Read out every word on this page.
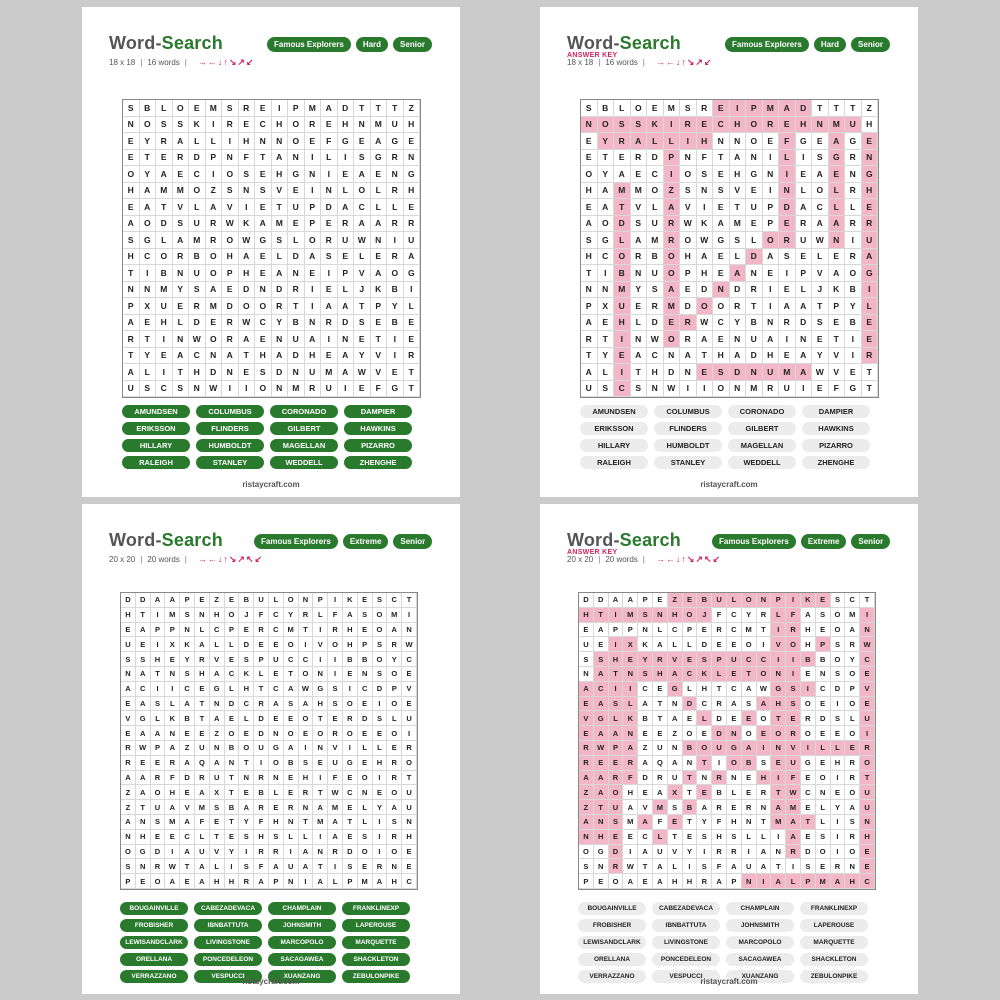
Word-Search	Famous Explorers	Hard	Senior
18 x 18 | 16 words | →←↓↑↘↗↙
S	B	L	O	E	M	S	R	E	I	P	M	A	D	T	T	T	Z
N	O	S	S	K	I	R	E	C	H	O	R	E	H	N	M	U	H
E	Y	R	A	L	L	I	H	N	N	O	E	F	G	E	A	G	E
E	T	E	R	D	P	N	F	T	A	N	I	L	I	S	G	R	N
O	Y	A	E	C	I	O	S	E	H	G	N	I	E	A	E	N	G
H	A	M	M	O	Z	S	N	S	V	E	I	N	L	O	L	R	H
E	A	T	V	L	A	V	I	E	T	U	P	D	A	C	L	L	E
A	O	D	S	U	R	W	K	A	M	E	P	E	R	A	A	R	R
S	G	L	A	M	R	O	W	G	S	L	O	R	U	W	N	I	U
H	C	O	R	B	O	H	A	E	L	D	A	S	E	L	E	R	A
T	I	B	N	U	O	P	H	E	A	N	E	I	P	V	A	O	G
N	N	M	Y	S	A	E	D	N	D	R	I	E	L	J	K	B	I
P	X	U	E	R	M	D	O	O	R	T	I	A	A	T	P	Y	L
A	E	H	L	D	E	R	W	C	Y	B	N	R	D	S	E	B	E
R	T	I	N	W	O	R	A	E	N	U	A	I	N	E	T	I	E
T	Y	E	A	C	N	A	T	H	A	D	H	E	A	Y	V	I	R
A	L	I	T	H	D	N	E	S	D	N	U	M	A	W	V	E	T
U	S	C	S	N	W	I	I	O	N	M	R	U	I	E	F	G	T
AMUNDSEN	COLUMBUS	CORONADO	DAMPIER
ERIKSSON	FLINDERS	GILBERT	HAWKINS
HILLARY	HUMBOLDT	MAGELLAN	PIZARRO
RALEIGH	STANLEY	WEDDELL	ZHENGHE
ristaycraft.com
Word-Search
ANSWER KEY
Famous Explorers	Hard	Senior
18 x 18 | 16 words | →←↓↑↘↗↙
S	B	L	O	E	M	S	R	E	I	P	M	A	D	T	T	T	Z
N	O	S	S	K	I	R	E	C	H	O	R	E	H	N	M	U	H
E	Y	R	A	L	L	I	H	N	N	O	E	F	G	E	A	G	E
E	T	E	R	D	P	N	F	T	A	N	I	L	I	S	G	R	N
O	Y	A	E	C	I	O	S	E	H	G	N	I	E	A	E	N	G
H	A	M	M	O	Z	S	N	S	V	E	I	N	L	O	L	R	H
E	A	T	V	L	A	V	I	E	T	U	P	D	A	C	L	L	E
A	O	D	S	U	R	W	K	A	M	E	P	E	R	A	A	R	R
S	G	L	A	M	R	O	W	G	S	L	O	R	U	W	N	I	U
H	C	O	R	B	O	H	A	E	L	D	A	S	E	L	E	R	A
T	I	B	N	U	O	P	H	E	A	N	E	I	P	V	A	O	G
N	N	M	Y	S	A	E	D	N	D	R	I	E	L	J	K	B	I
P	X	U	E	R	M	D	O	O	R	T	I	A	A	T	P	Y	L
A	E	H	L	D	E	R	W	C	Y	B	N	R	D	S	E	B	E
R	T	I	N	W	O	R	A	E	N	U	A	I	N	E	T	I	E
T	Y	E	A	C	N	A	T	H	A	D	H	E	A	Y	V	I	R
A	L	I	T	H	D	N	E	S	D	N	U	M	A	W	V	E	T
U	S	C	S	N	W	I	I	O	N	M	R	U	I	E	F	G	T
AMUNDSEN	COLUMBUS	CORONADO	DAMPIER
ERIKSSON	FLINDERS	GILBERT	HAWKINS
HILLARY	HUMBOLDT	MAGELLAN	PIZARRO
RALEIGH	STANLEY	WEDDELL	ZHENGHE
ristaycraft.com
Word-Search	Famous Explorers	Extreme	Senior
20 x 20 | 20 words | →←↓↑↘↗↖↙
D	D	A	A	P	E	Z	E	B	U	L	O	N	P	I	K	E	S	C	T
H	T	I	M	S	N	H	O	J	F	C	Y	R	L	F	A	S	O	M	I
E	A	P	P	N	L	C	P	E	R	C	M	T	I	R	H	E	O	A	N
U	E	I	X	K	A	L	L	D	E	E	O	I	V	O	H	P	S	R	W
S	S	H	E	Y	R	V	E	S	P	U	C	C	I	I	B	B	O	Y	C
N	A	T	N	S	H	A	C	K	L	E	T	O	N	I	E	N	S	O	E
A	C	I	I	C	E	G	L	H	T	C	A	W	G	S	I	C	D	P	V
E	A	S	L	A	T	N	D	C	R	A	S	A	H	S	O	E	I	O	E
V	G	L	K	B	T	A	E	L	D	E	E	O	T	E	R	D	S	L	U
E	A	A	N	E	E	Z	O	E	D	N	O	E	O	R	O	E	E	O	I
R	W	P	A	Z	U	N	B	O	U	G	A	I	N	V	I	L	L	E	R
R	E	E	R	A	Q	A	N	T	I	O	B	S	E	U	G	E	H	R	O
A	A	R	F	D	R	U	T	N	R	N	E	H	I	F	E	O	I	R	T
Z	A	O	H	E	A	X	T	E	B	L	E	R	T	W	C	N	E	O	U
Z	T	U	A	V	M	S	B	A	R	E	R	N	A	M	E	L	Y	A	U
A	N	S	M	A	F	E	T	Y	F	H	N	T	M	A	T	L	I	S	N
N	H	E	E	C	L	T	E	S	H	S	L	L	I	A	E	S	I	R	H
O	G	D	I	A	U	V	Y	I	R	R	I	A	N	R	D	O	I	O	E
S	N	R	W	T	A	L	I	S	F	A	U	A	T	I	S	E	R	N	E
P	E	O	A	E	A	H	H	R	A	P	N	I	A	L	P	M	A	H	C
BOUGAINVILLE	CABEZADEVACA	CHAMPLAIN	FRANKLINEXP
FROBISHER	IBNBATTUTA	JOHNSMITH	LAPEROUSE
LEWISANDCLARK	LIVINGSTONE	MARCOPOLO	MARQUETTE
ORELLANA	PONCEDELEON	SACAGAWEA	SHACKLETON
VERRAZZANO	VESPUCCI	XUANZANG	ZEBULONPIKE
ristaycraft.com
Word-Search
ANSWER KEY
Famous Explorers	Extreme	Senior
20 x 20 | 20 words | →←↓↑↘↗↖↙
D	D	A	A	P	E	Z	E	B	U	L	O	N	P	I	K	E	S	C	T
H	T	I	M	S	N	H	O	J	F	C	Y	R	L	F	A	S	O	M	I
E	A	P	P	N	L	C	P	E	R	C	M	T	I	R	H	E	O	A	N
U	E	I	X	K	A	L	L	D	E	E	O	I	V	O	H	P	S	R	W
S	S	H	E	Y	R	V	E	S	P	U	C	C	I	I	B	B	O	Y	C
N	A	T	N	S	H	A	C	K	L	E	T	O	N	I	E	N	S	O	E
A	C	I	I	C	E	G	L	H	T	C	A	W	G	S	I	C	D	P	V
E	A	S	L	A	T	N	D	C	R	A	S	A	H	S	O	E	I	O	E
V	G	L	K	B	T	A	E	L	D	E	E	O	T	E	R	D	S	L	U
E	A	A	N	E	E	Z	O	E	D	N	O	E	O	R	O	E	E	O	I
R	W	P	A	Z	U	N	B	O	U	G	A	I	N	V	I	L	L	E	R
R	E	E	R	A	Q	A	N	T	I	O	B	S	E	U	G	E	H	R	O
A	A	R	F	D	R	U	T	N	R	N	E	H	I	F	E	O	I	R	T
Z	A	O	H	E	A	X	T	E	B	L	E	R	T	W	C	N	E	O	U
Z	T	U	A	V	M	S	B	A	R	E	R	N	A	M	E	L	Y	A	U
A	N	S	M	A	F	E	T	Y	F	H	N	T	M	A	T	L	I	S	N
N	H	E	E	C	L	T	E	S	H	S	L	L	I	A	E	S	I	R	H
O	G	D	I	A	U	V	Y	I	R	R	I	A	N	R	D	O	I	O	E
S	N	R	W	T	A	L	I	S	F	A	U	A	T	I	S	E	R	N	E
P	E	O	A	E	A	H	H	R	A	P	N	I	A	L	P	M	A	H	C
BOUGAINVILLE	CABEZADEVACA	CHAMPLAIN	FRANKLINEXP
FROBISHER	IBNBATTUTA	JOHNSMITH	LAPEROUSE
LEWISANDCLARK	LIVINGSTONE	MARCOPOLO	MARQUETTE
ORELLANA	PONCEDELEON	SACAGAWEA	SHACKLETON
VERRAZZANO	VESPUCCI	XUANZANG	ZEBULONPIKE
ristaycraft.com
